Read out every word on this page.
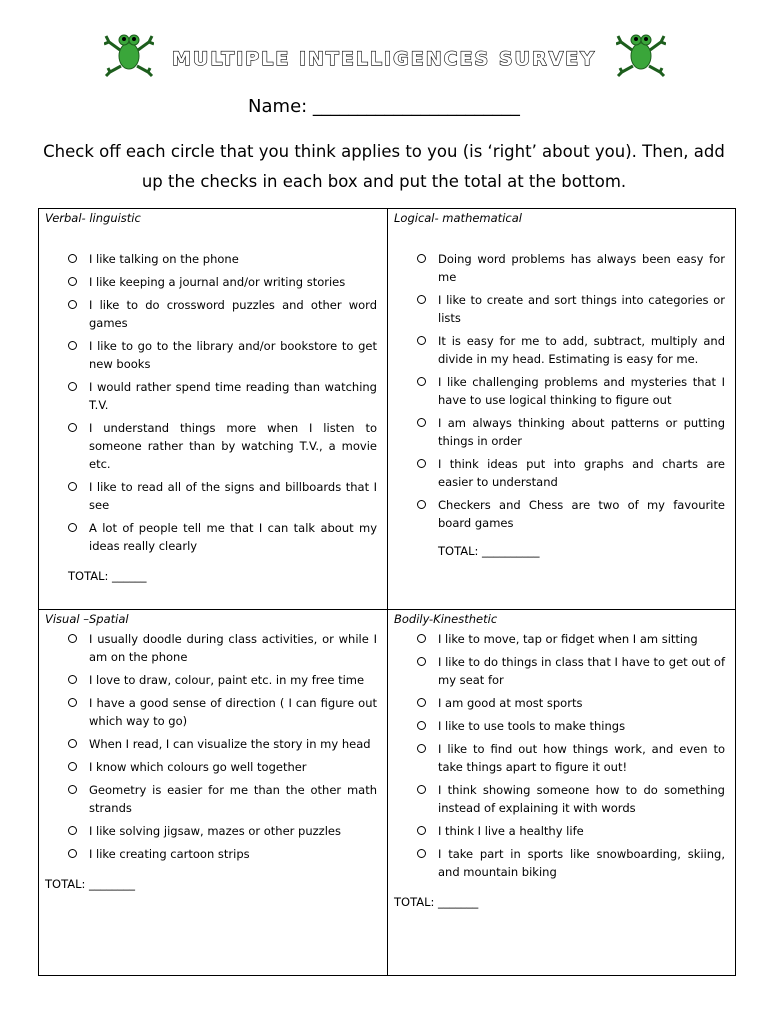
MULTIPLE INTELLIGENCES SURVEY
Name: _______________________
Check off each circle that you think applies to you (is ‘right’ about you). Then, add up the checks in each box and put the total at the bottom.
Verbal- linguistic
I like talking on the phone
I like keeping a journal and/or writing stories
I like to do crossword puzzles and other word games
I like to go to the library and/or bookstore to get new books
I would rather spend time reading than watching T.V.
I understand things more when I listen to someone rather than by watching T.V., a movie etc.
I like to read all of the signs and billboards that I see
A lot of people tell me that I can talk about my ideas really clearly
TOTAL: ______
Logical- mathematical
Doing word problems has always been easy for me
I like to create and sort things into categories or lists
It is easy for me to add, subtract, multiply and divide in my head. Estimating is easy for me.
I like challenging problems and mysteries that I have to use logical thinking to figure out
I am always thinking about patterns or putting things in order
I think ideas put into graphs and charts are easier to understand
Checkers and Chess are two of my favourite board games
TOTAL: __________
Visual –Spatial
I usually doodle during class activities, or while I am on the phone
I love to draw, colour, paint etc. in my free time
I have a good sense of direction ( I can figure out which way to go)
When I read, I can visualize the story in my head
I know which colours go well together
Geometry is easier for me than the other math strands
I like solving jigsaw, mazes or other puzzles
I like creating cartoon strips
TOTAL: ________
Bodily-Kinesthetic
I like to move, tap or fidget when I am sitting
I like to do things in class that I have to get out of my seat for
I am good at most sports
I like to use tools to make things
I like to find out how things work, and even to take things apart to figure it out!
I think showing someone how to do something instead of explaining it with words
I think I live a healthy life
I take part in sports like snowboarding, skiing, and mountain biking
TOTAL: _______
